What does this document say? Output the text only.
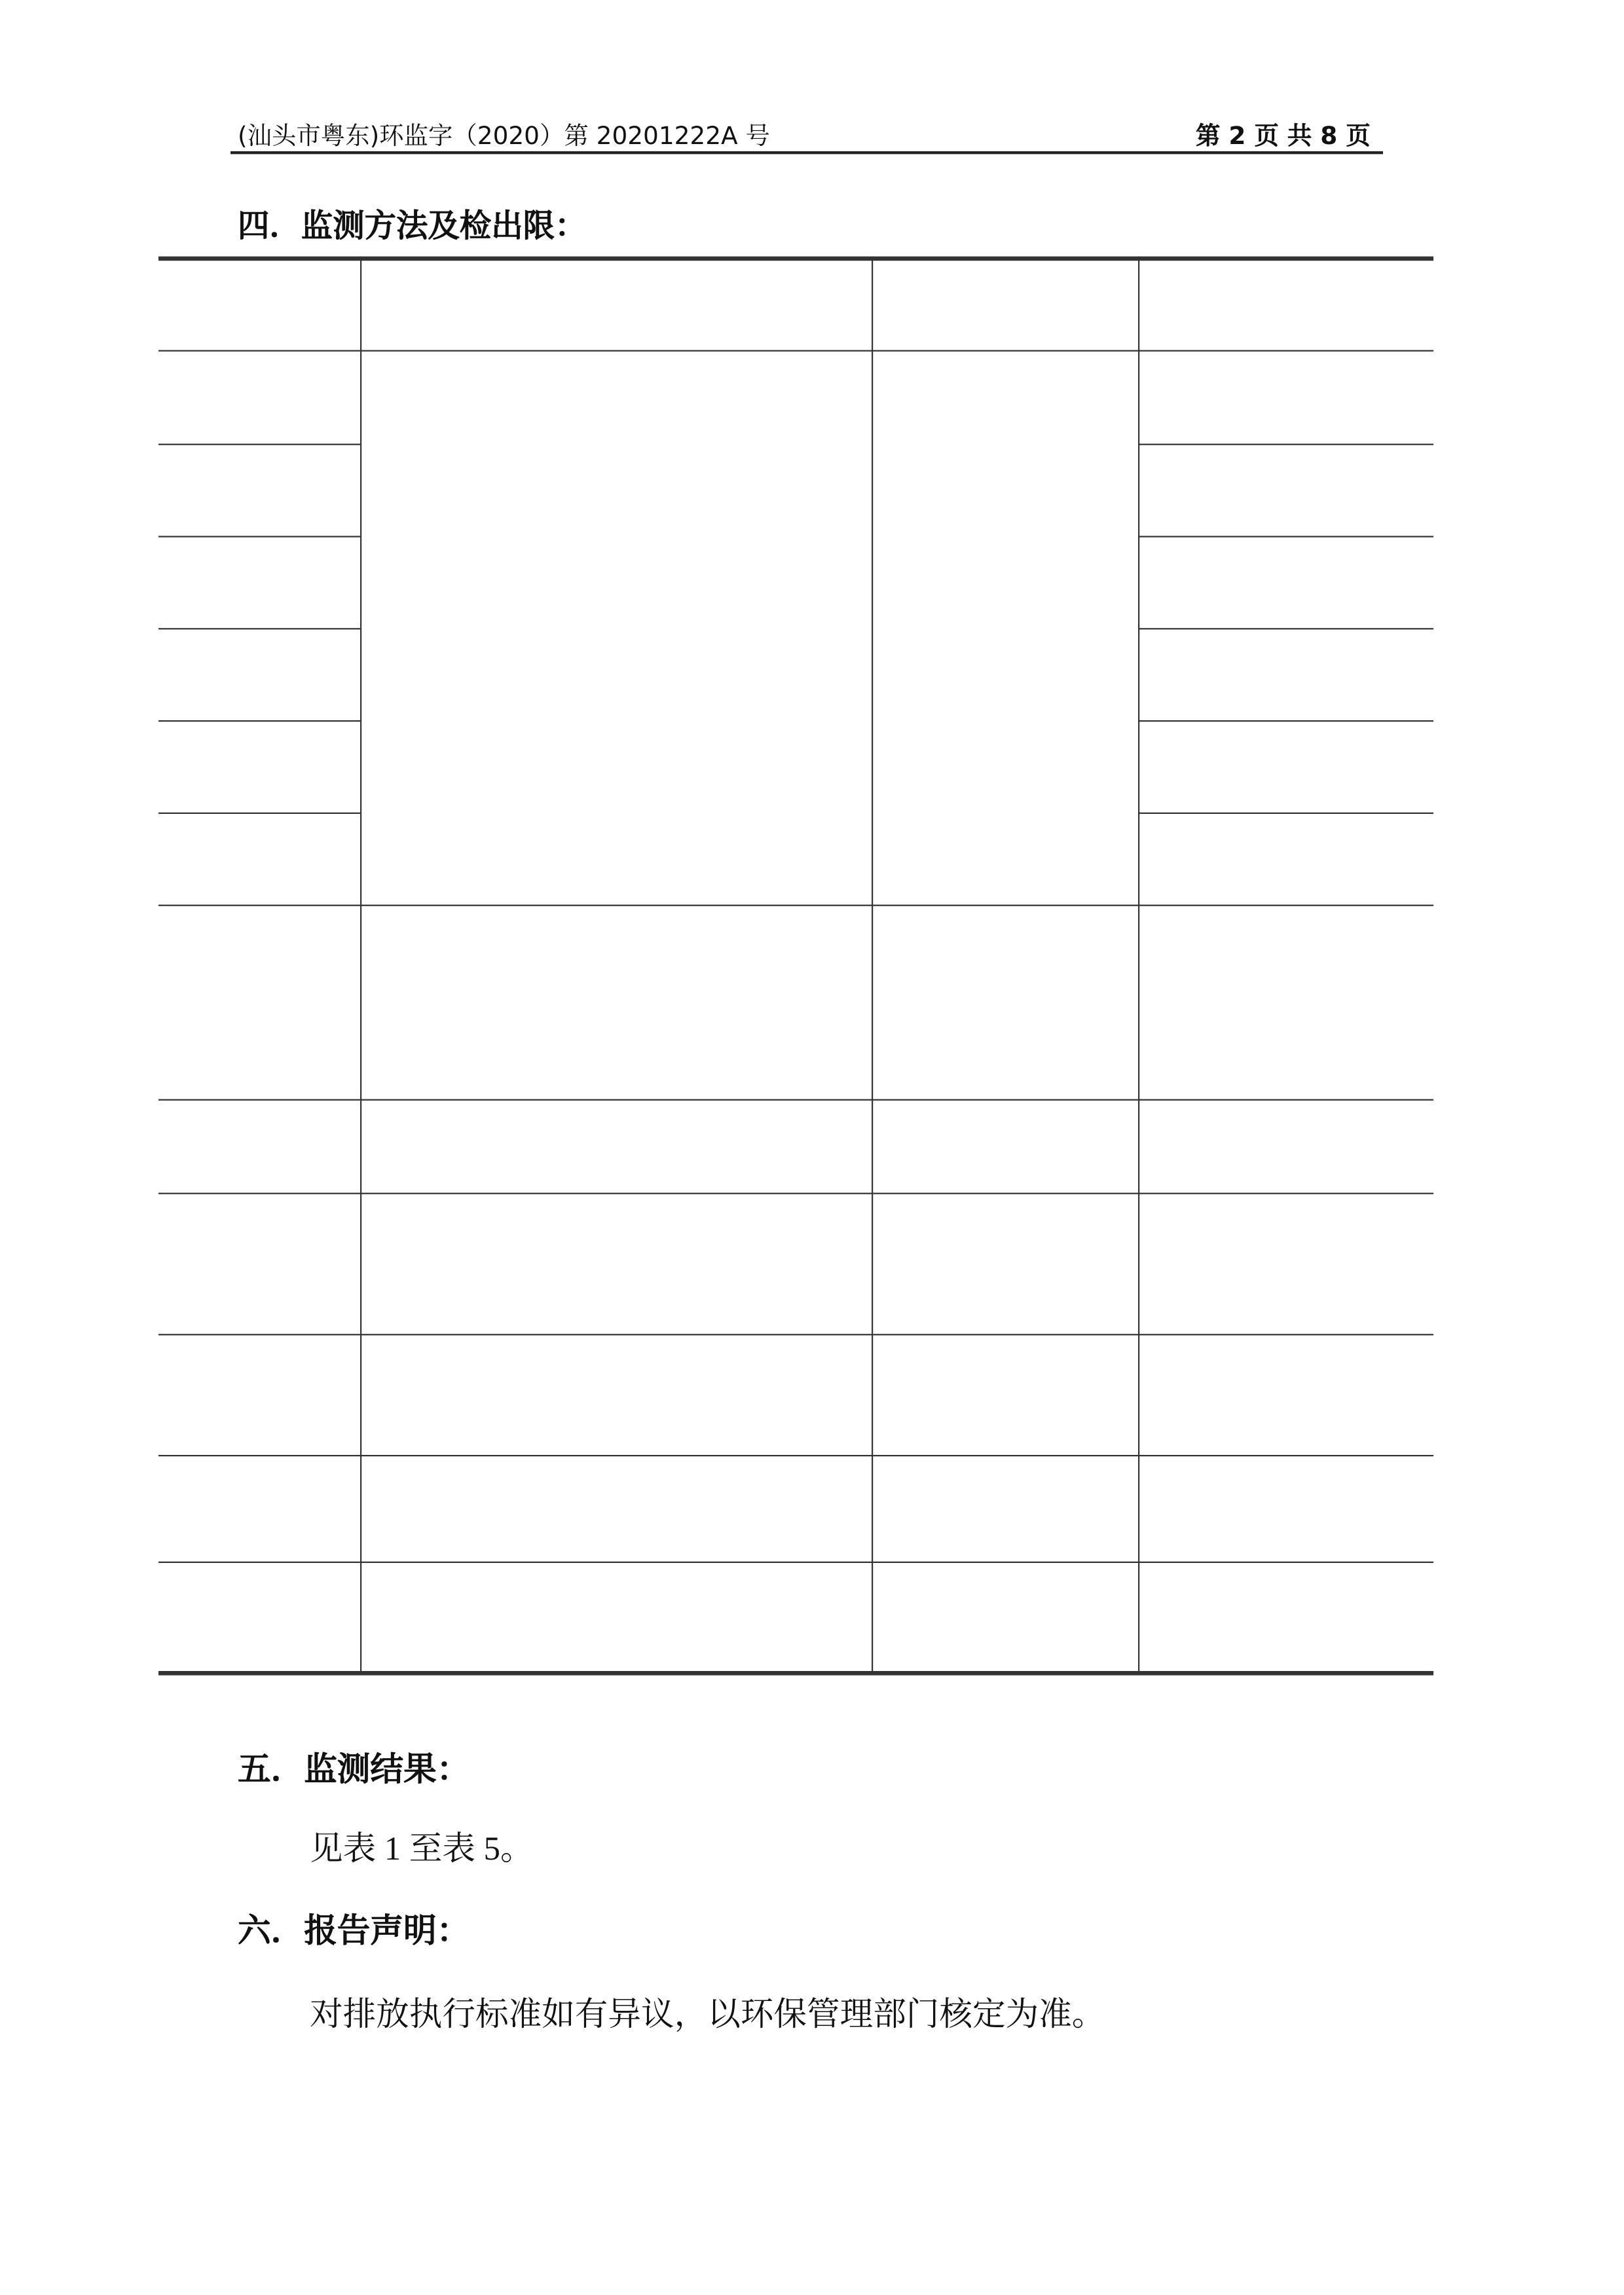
(汕头市粤东)环监字（2020）第 20201222A 号	第 2 页 共 8 页
四．监测方法及检出限：
五．监测结果：
见表 1 至表 5。
六．报告声明：
对排放执行标准如有异议，以环保管理部门核定为准。
